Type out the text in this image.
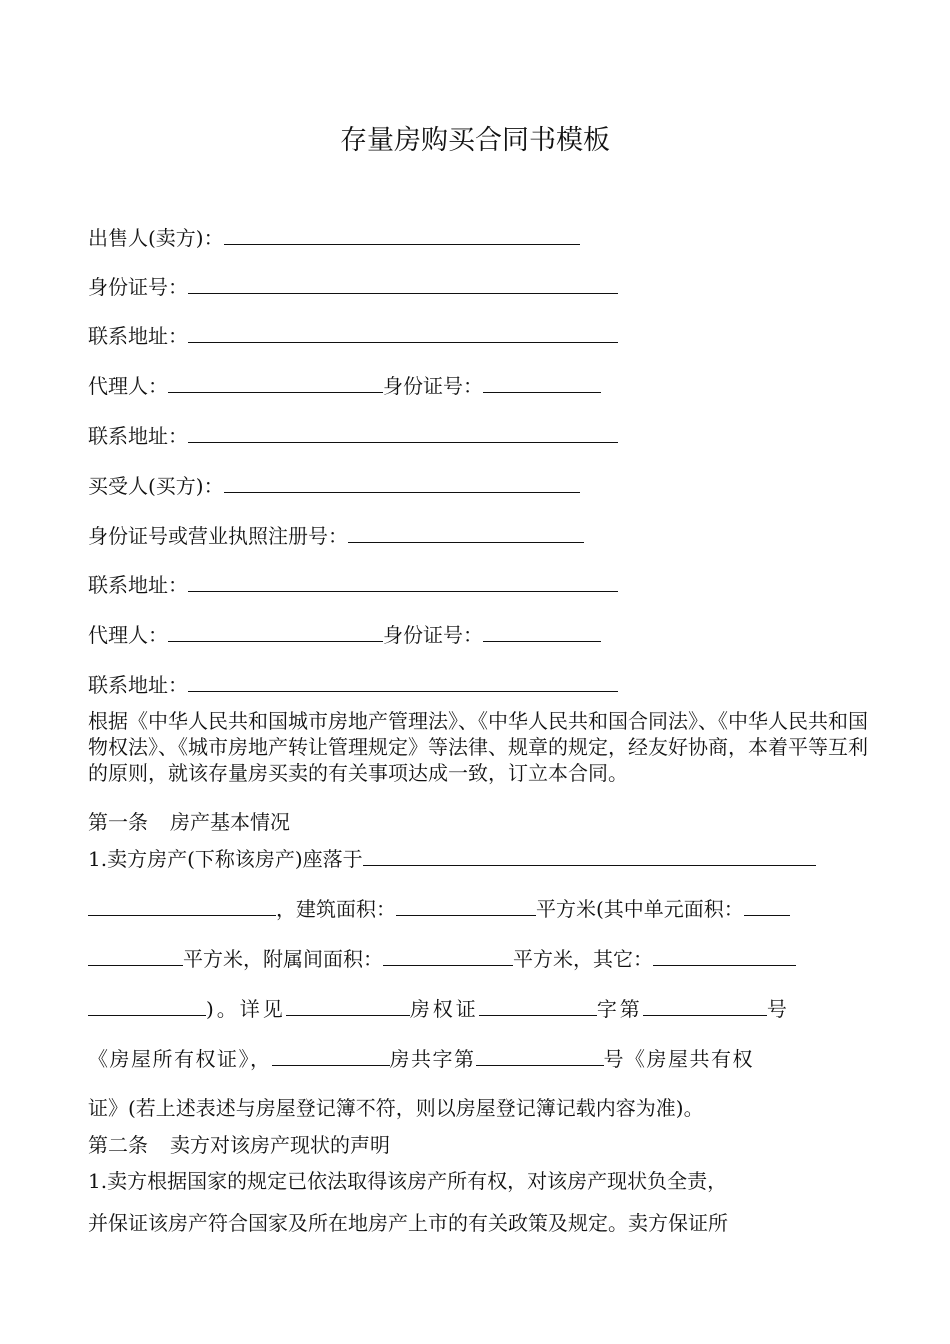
存量房购买合同书模板
出售人(卖方)：
身份证号：
联系地址：
代理人：	身份证号：
联系地址：
买受人(买方)：
身份证号或营业执照注册号：
联系地址：
代理人：	身份证号：
联系地址：
根据《中华人民共和国城市房地产管理法》、《中华人民共和国合同法》、《中华人民共和国物权法》、《城市房地产转让管理规定》等法律、规章的规定，经友好协商，本着平等互利的原则，就该存量房买卖的有关事项达成一致，订立本合同。
第一条 房产基本情况
1.卖方房产(下称该房产)座落于
，建筑面积：	平方米(其中单元面积：
平方米，附属间面积：	平方米，其它：
)。详见	房权证	字第	号
《房屋所有权证》，	房共字第	号《房屋共有权
证》(若上述表述与房屋登记簿不符，则以房屋登记簿记载内容为准)。
第二条 卖方对该房产现状的声明
1.卖方根据国家的规定已依法取得该房产所有权，对该房产现状负全责，
并保证该房产符合国家及所在地房产上市的有关政策及规定。卖方保证所
